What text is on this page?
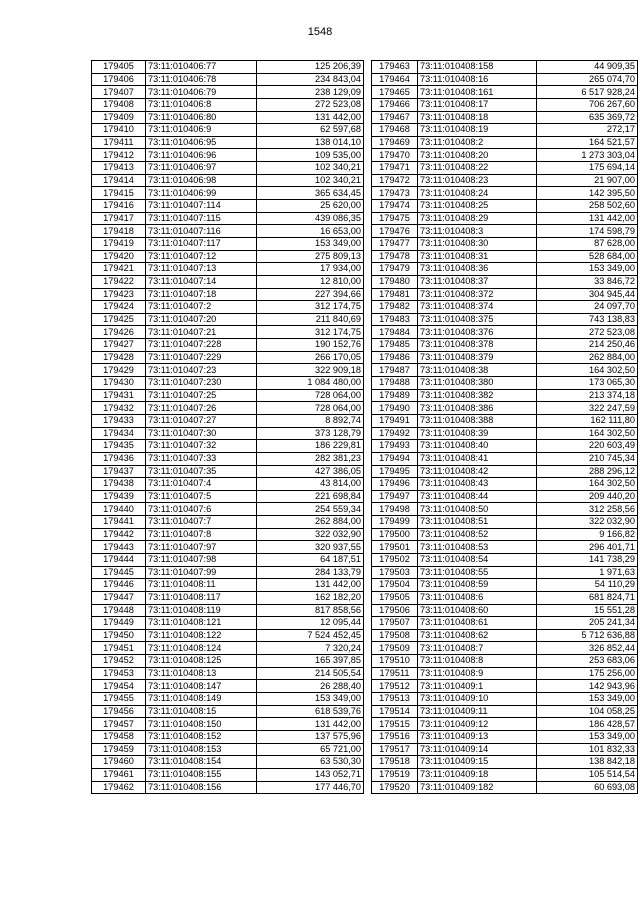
1548
179405	73:11:010406:77	125 206,39
179406	73:11:010406:78	234 843,04
179407	73:11:010406:79	238 129,09
179408	73:11:010406:8	272 523,08
179409	73:11:010406:80	131 442,00
179410	73:11:010406:9	62 597,68
179411	73:11:010406:95	138 014,10
179412	73:11:010406:96	109 535,00
179413	73:11:010406:97	102 340,21
179414	73:11:010406:98	102 340,21
179415	73:11:010406:99	365 634,45
179416	73:11:010407:114	25 620,00
179417	73:11:010407:115	439 086,35
179418	73:11:010407:116	16 653,00
179419	73:11:010407:117	153 349,00
179420	73:11:010407:12	275 809,13
179421	73:11:010407:13	17 934,00
179422	73:11:010407:14	12 810,00
179423	73:11:010407:18	227 394,66
179424	73:11:010407:2	312 174,75
179425	73:11:010407:20	211 840,69
179426	73:11:010407:21	312 174,75
179427	73:11:010407:228	190 152,76
179428	73:11:010407:229	266 170,05
179429	73:11:010407:23	322 909,18
179430	73:11:010407:230	1 084 480,00
179431	73:11:010407:25	728 064,00
179432	73:11:010407:26	728 064,00
179433	73:11:010407:27	8 892,74
179434	73:11:010407:30	373 128,79
179435	73:11:010407:32	186 229,81
179436	73:11:010407:33	282 381,23
179437	73:11:010407:35	427 386,05
179438	73:11:010407:4	43 814,00
179439	73:11:010407:5	221 698,84
179440	73:11:010407:6	254 559,34
179441	73:11:010407:7	262 884,00
179442	73:11:010407:8	322 032,90
179443	73:11:010407:97	320 937,55
179444	73:11:010407:98	64 187,51
179445	73:11:010407:99	284 133,79
179446	73:11:010408:11	131 442,00
179447	73:11:010408:117	162 182,20
179448	73:11:010408:119	817 858,56
179449	73:11:010408:121	12 095,44
179450	73:11:010408:122	7 524 452,45
179451	73:11:010408:124	7 320,24
179452	73:11:010408:125	165 397,85
179453	73:11:010408:13	214 505,54
179454	73:11:010408:147	26 288,40
179455	73:11:010408:149	153 349,00
179456	73:11:010408:15	618 539,76
179457	73:11:010408:150	131 442,00
179458	73:11:010408:152	137 575,96
179459	73:11:010408:153	65 721,00
179460	73:11:010408:154	63 530,30
179461	73:11:010408:155	143 052,71
179462	73:11:010408:156	177 446,70
179463	73:11:010408:158	44 909,35
179464	73:11:010408:16	265 074,70
179465	73:11:010408:161	6 517 928,24
179466	73:11:010408:17	706 267,60
179467	73:11:010408:18	635 369,72
179468	73:11:010408:19	272,17
179469	73:11:010408:2	164 521,57
179470	73:11:010408:20	1 273 303,04
179471	73:11:010408:22	175 694,14
179472	73:11:010408:23	21 907,00
179473	73:11:010408:24	142 395,50
179474	73:11:010408:25	258 502,60
179475	73:11:010408:29	131 442,00
179476	73:11:010408:3	174 598,79
179477	73:11:010408:30	87 628,00
179478	73:11:010408:31	528 684,00
179479	73:11:010408:36	153 349,00
179480	73:11:010408:37	33 846,72
179481	73:11:010408:372	304 945,44
179482	73:11:010408:374	24 097,70
179483	73:11:010408:375	743 138,83
179484	73:11:010408:376	272 523,08
179485	73:11:010408:378	214 250,46
179486	73:11:010408:379	262 884,00
179487	73:11:010408:38	164 302,50
179488	73:11:010408:380	173 065,30
179489	73:11:010408:382	213 374,18
179490	73:11:010408:386	322 247,59
179491	73:11:010408:388	162 111,80
179492	73:11:010408:39	164 302,50
179493	73:11:010408:40	220 603,49
179494	73:11:010408:41	210 745,34
179495	73:11:010408:42	288 296,12
179496	73:11:010408:43	164 302,50
179497	73:11:010408:44	209 440,20
179498	73:11:010408:50	312 258,56
179499	73:11:010408:51	322 032,90
179500	73:11:010408:52	9 166,82
179501	73:11:010408:53	296 401,71
179502	73:11:010408:54	141 738,29
179503	73:11:010408:55	1 971,63
179504	73:11:010408:59	54 110,29
179505	73:11:010408:6	681 824,71
179506	73:11:010408:60	15 551,28
179507	73:11:010408:61	205 241,34
179508	73:11:010408:62	5 712 636,88
179509	73:11:010408:7	326 852,44
179510	73:11:010408:8	253 683,06
179511	73:11:010408:9	175 256,00
179512	73:11:010409:1	142 943,96
179513	73:11:010409:10	153 349,00
179514	73:11:010409:11	104 058,25
179515	73:11:010409:12	186 428,57
179516	73:11:010409:13	153 349,00
179517	73:11:010409:14	101 832,33
179518	73:11:010409:15	138 842,18
179519	73:11:010409:18	105 514,54
179520	73:11:010409:182	60 693,08
